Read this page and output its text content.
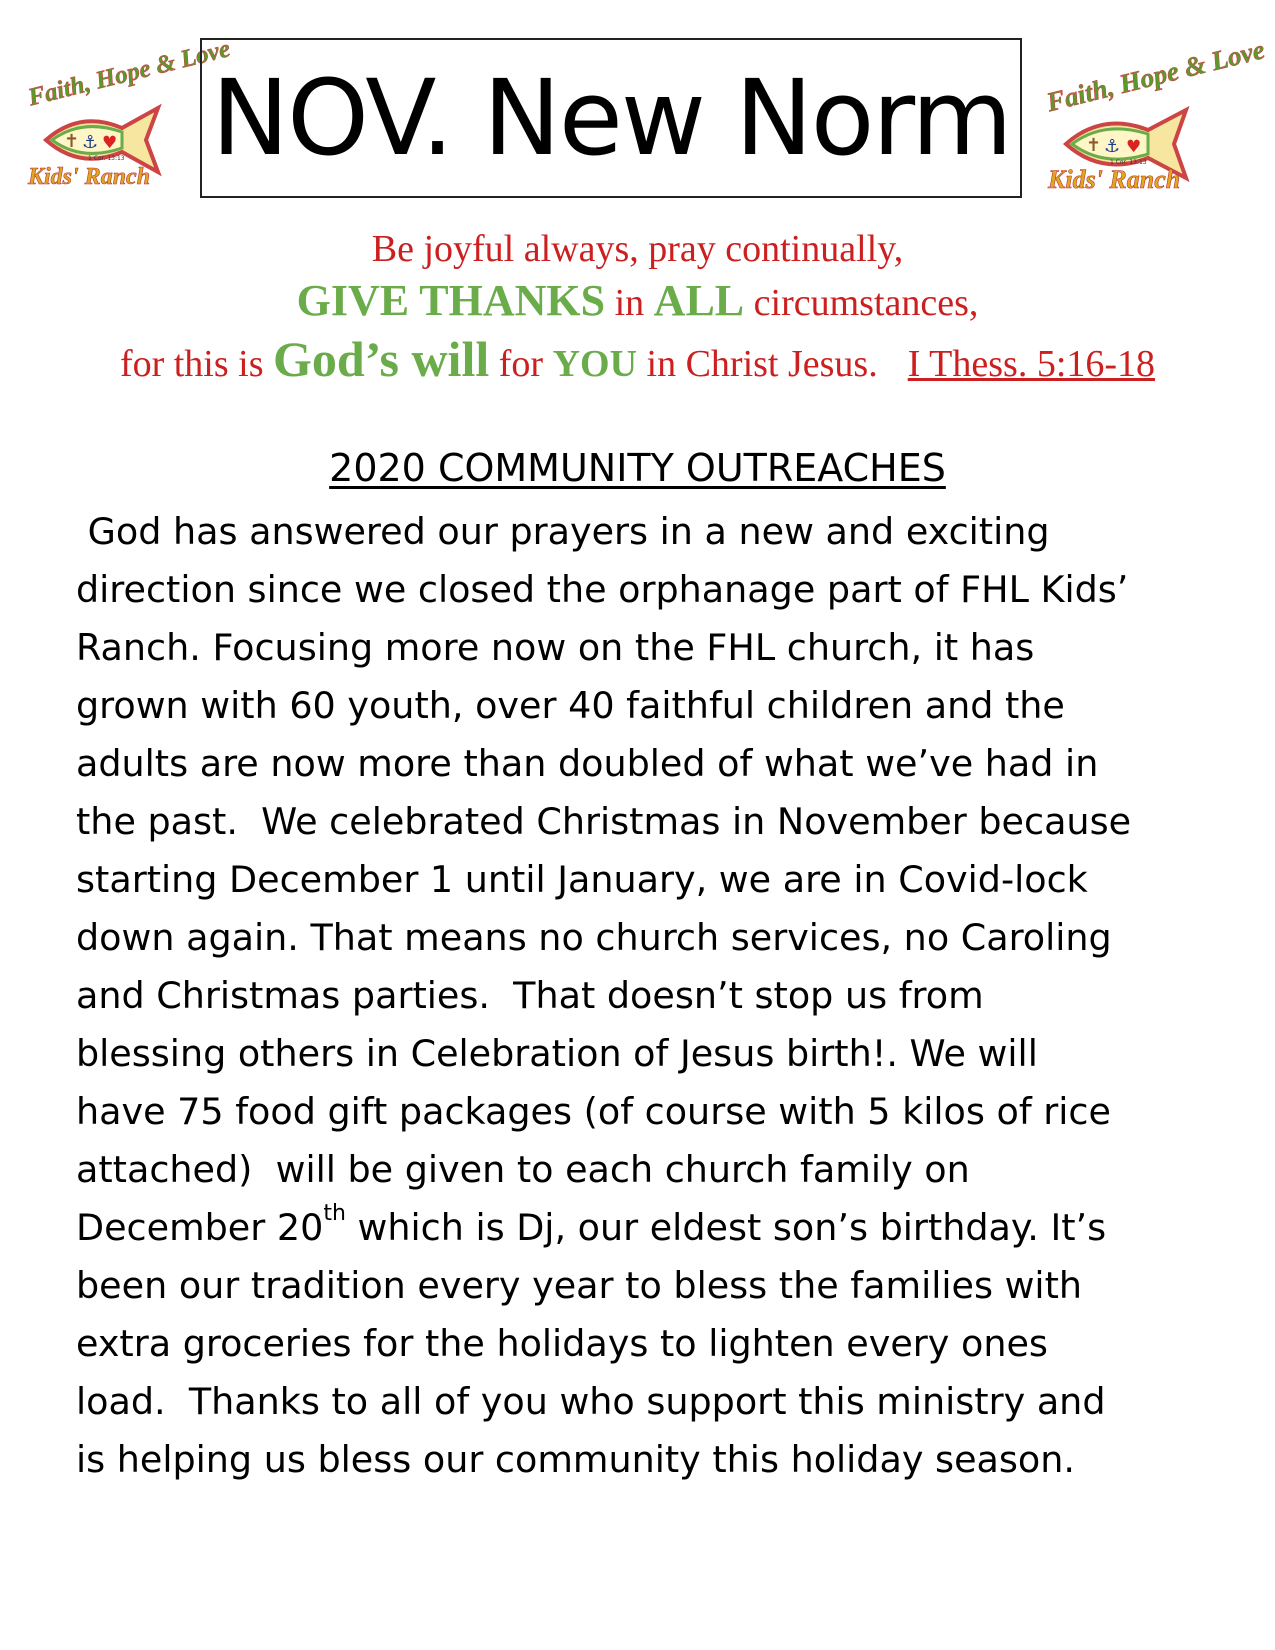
Faith, Hope & Love
✝ ⚓ ♥
1 Cor. 13:13
Kids' Ranch NOV. New Norm Faith, Hope & Love
✝ ⚓ ♥
1 Cor. 13:13
Kids' Ranch
Be joyful always, pray continually,
GIVE THANKS in ALL circumstances,
for this is God’s will for YOU in Christ Jesus. I Thess. 5:16-18
2020 COMMUNITY OUTREACHES
God has answered our prayers in a new and exciting
direction since we closed the orphanage part of FHL Kids’
Ranch. Focusing more now on the FHL church, it has
grown with 60 youth, over 40 faithful children and the
adults are now more than doubled of what we’ve had in
the past.  We celebrated Christmas in November because
starting December 1 until January, we are in Covid-lock
down again. That means no church services, no Caroling
and Christmas parties.  That doesn’t stop us from
blessing others in Celebration of Jesus birth!. We will
have 75 food gift packages (of course with 5 kilos of rice
attached)  will be given to each church family on
December 20th which is Dj, our eldest son’s birthday. It’s
been our tradition every year to bless the families with
extra groceries for the holidays to lighten every ones
load.  Thanks to all of you who support this ministry and
is helping us bless our community this holiday season.
